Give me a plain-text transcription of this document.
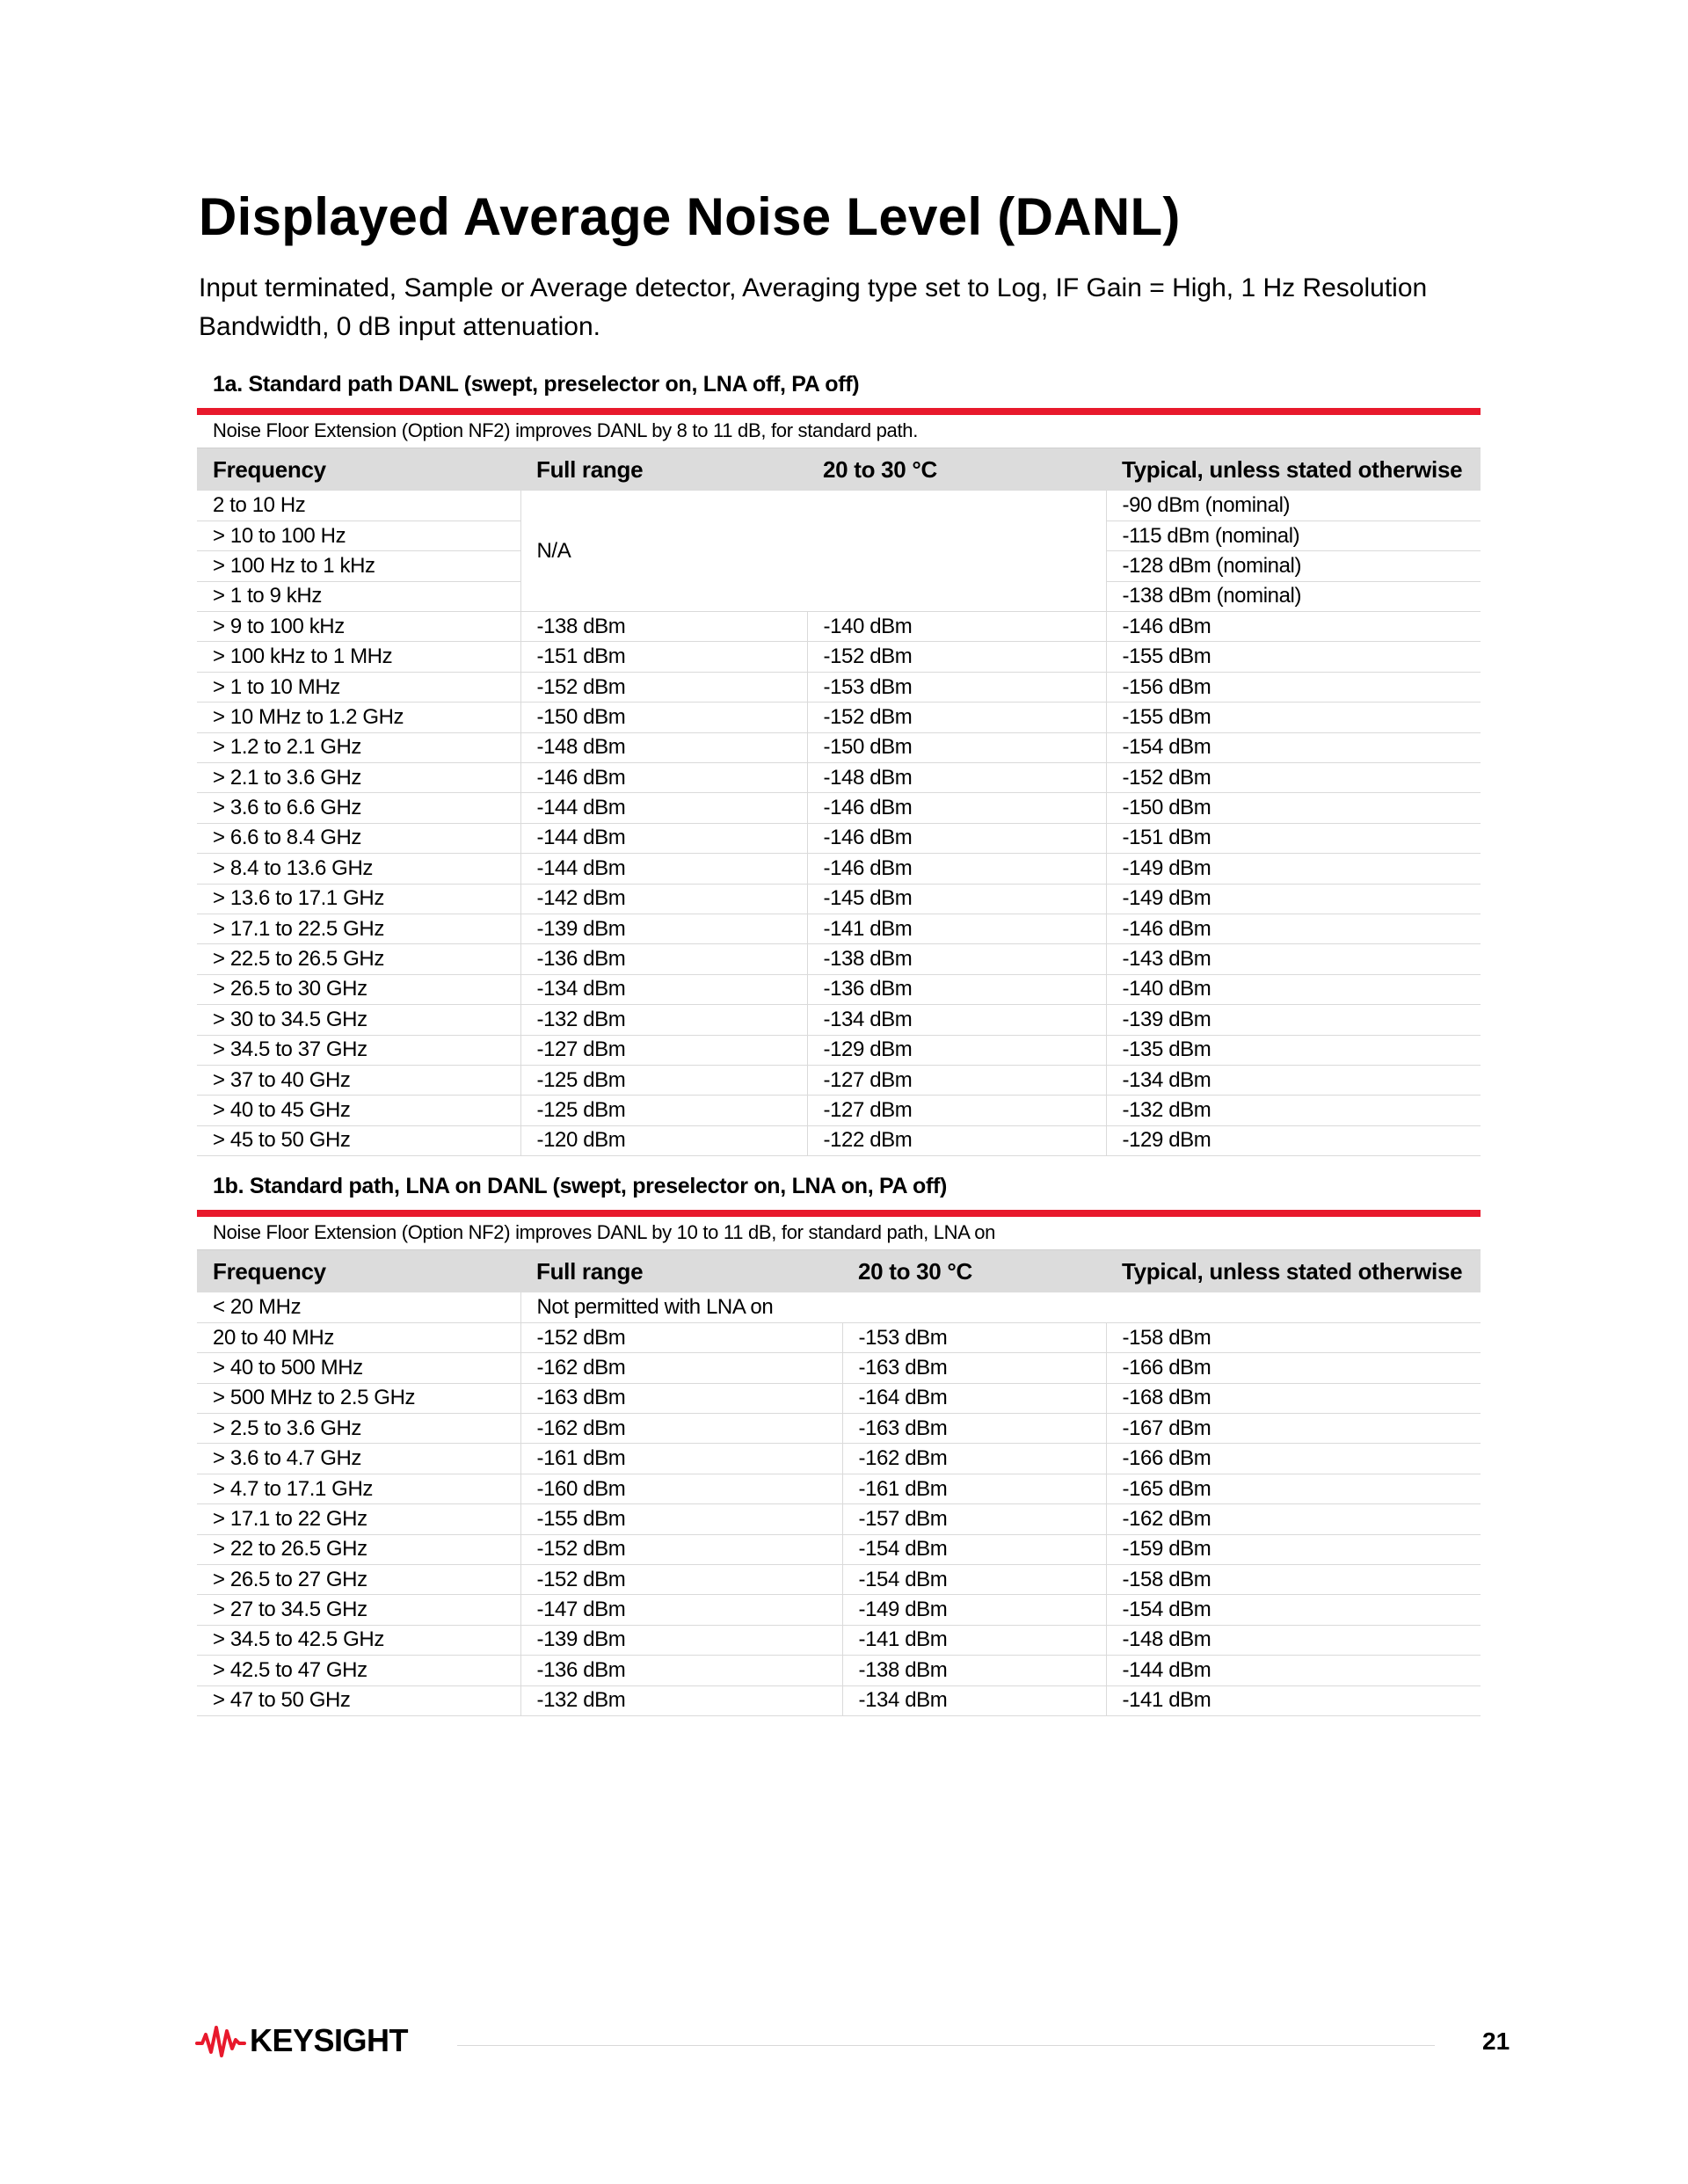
Displayed Average Noise Level (DANL)
Input terminated, Sample or Average detector, Averaging type set to Log, IF Gain = High, 1 Hz Resolution Bandwidth, 0 dB input attenuation.
1a. Standard path DANL (swept, preselector on, LNA off, PA off)
Noise Floor Extension (Option NF2) improves DANL by 8 to 11 dB, for standard path.
Frequency	Full range	20 to 30 °C	Typical, unless stated otherwise
2 to 10 Hz	N/A		-90 dBm (nominal)
> 10 to 100 Hz			-115 dBm (nominal)
> 100 Hz to 1 kHz			-128 dBm (nominal)
> 1 to 9 kHz			-138 dBm (nominal)
> 9 to 100 kHz	-138 dBm	-140 dBm	-146 dBm
> 100 kHz to 1 MHz	-151 dBm	-152 dBm	-155 dBm
> 1 to 10 MHz	-152 dBm	-153 dBm	-156 dBm
> 10 MHz to 1.2 GHz	-150 dBm	-152 dBm	-155 dBm
> 1.2 to 2.1 GHz	-148 dBm	-150 dBm	-154 dBm
> 2.1 to 3.6 GHz	-146 dBm	-148 dBm	-152 dBm
> 3.6 to 6.6 GHz	-144 dBm	-146 dBm	-150 dBm
> 6.6 to 8.4 GHz	-144 dBm	-146 dBm	-151 dBm
> 8.4 to 13.6 GHz	-144 dBm	-146 dBm	-149 dBm
> 13.6 to 17.1 GHz	-142 dBm	-145 dBm	-149 dBm
> 17.1 to 22.5 GHz	-139 dBm	-141 dBm	-146 dBm
> 22.5 to 26.5 GHz	-136 dBm	-138 dBm	-143 dBm
> 26.5 to 30 GHz	-134 dBm	-136 dBm	-140 dBm
> 30 to 34.5 GHz	-132 dBm	-134 dBm	-139 dBm
> 34.5 to 37 GHz	-127 dBm	-129 dBm	-135 dBm
> 37 to 40 GHz	-125 dBm	-127 dBm	-134 dBm
> 40 to 45 GHz	-125 dBm	-127 dBm	-132 dBm
> 45 to 50 GHz	-120 dBm	-122 dBm	-129 dBm
1b. Standard path, LNA on DANL (swept, preselector on, LNA on, PA off)
Noise Floor Extension (Option NF2) improves DANL by 10 to 11 dB, for standard path, LNA on
Frequency	Full range	20 to 30 °C	Typical, unless stated otherwise
< 20 MHz	Not permitted with LNA on		
20 to 40 MHz	-152 dBm	-153 dBm	-158 dBm
> 40 to 500 MHz	-162 dBm	-163 dBm	-166 dBm
> 500 MHz to 2.5 GHz	-163 dBm	-164 dBm	-168 dBm
> 2.5 to 3.6 GHz	-162 dBm	-163 dBm	-167 dBm
> 3.6 to 4.7 GHz	-161 dBm	-162 dBm	-166 dBm
> 4.7 to 17.1 GHz	-160 dBm	-161 dBm	-165 dBm
> 17.1 to 22 GHz	-155 dBm	-157 dBm	-162 dBm
> 22 to 26.5 GHz	-152 dBm	-154 dBm	-159 dBm
> 26.5 to 27 GHz	-152 dBm	-154 dBm	-158 dBm
> 27 to 34.5 GHz	-147 dBm	-149 dBm	-154 dBm
> 34.5 to 42.5 GHz	-139 dBm	-141 dBm	-148 dBm
> 42.5 to 47 GHz	-136 dBm	-138 dBm	-144 dBm
> 47 to 50 GHz	-132 dBm	-134 dBm	-141 dBm
KEYSIGHT	21
